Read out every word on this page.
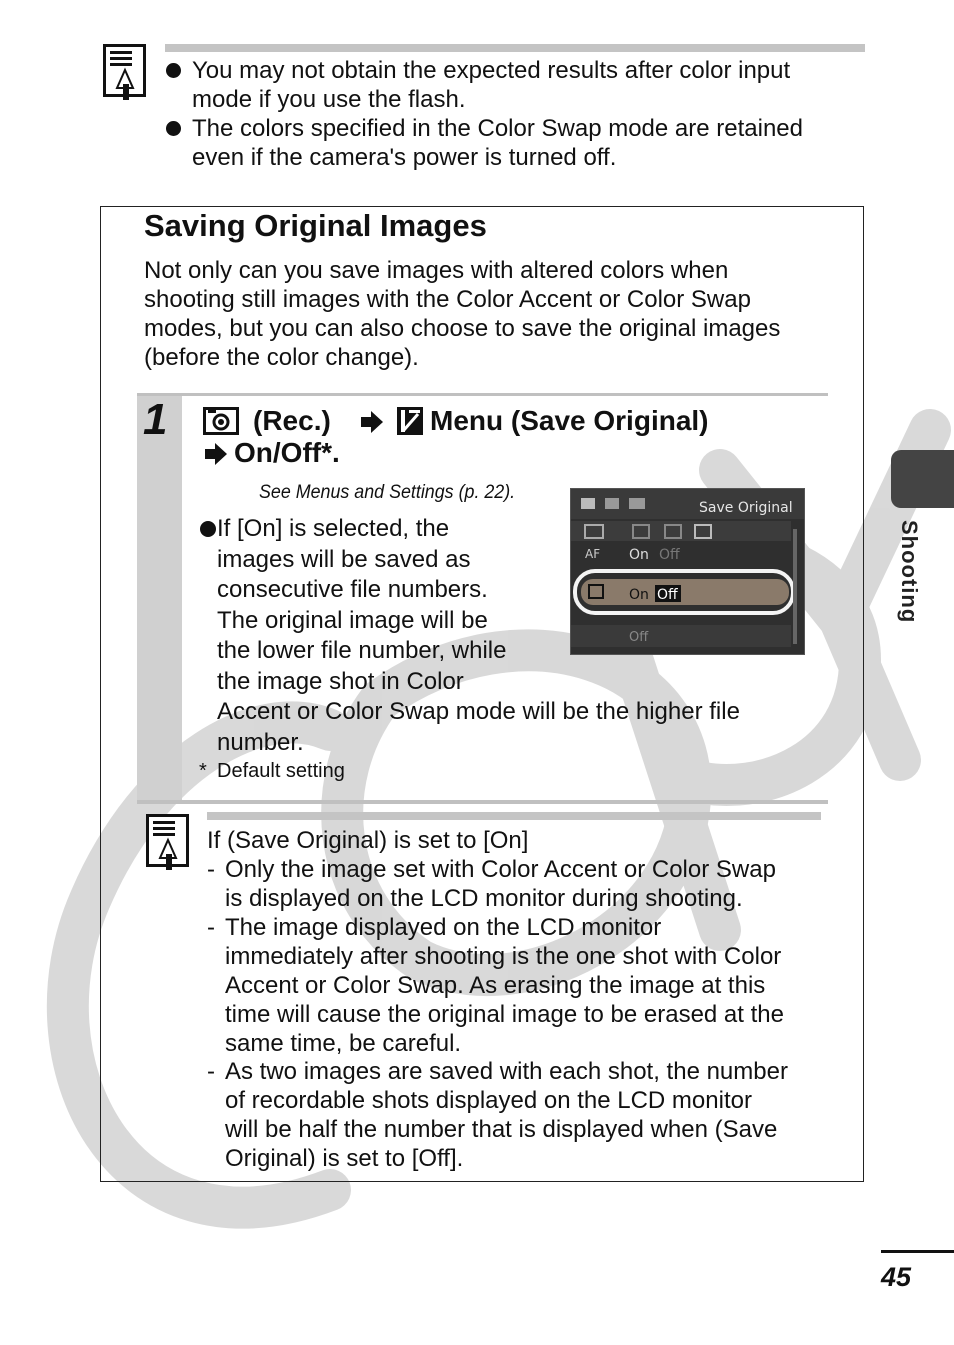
You may not obtain the expected results after color input
mode if you use the flash.
The colors specified in the Color Swap mode are retained
even if the camera's power is turned off.
Saving Original Images
Not only can you save images with altered colors when
shooting still images with the Color Accent or Color Swap
modes, but you can also choose to save the original images
(before the color change).
1	(Rec.)	Menu (Save Original)
On/Off*.
See Menus and Settings (p. 22).
If [On] is selected, the
images will be saved as
consecutive file numbers.
The original image will be
the lower file number, while
the image shot in Color
Accent or Color Swap mode will be the higher file
number.
* Default setting
Save Original
AF On Off
On Off
Off
If (Save Original) is set to [On]
- Only the image set with Color Accent or Color Swap
is displayed on the LCD monitor during shooting.
- The image displayed on the LCD monitor
immediately after shooting is the one shot with Color
Accent or Color Swap. As erasing the image at this
time will cause the original image to be erased at the
same time, be careful.
- As two images are saved with each shot, the number
of recordable shots displayed on the LCD monitor
will be half the number that is displayed when (Save
Original) is set to [Off].
Shooting
45
